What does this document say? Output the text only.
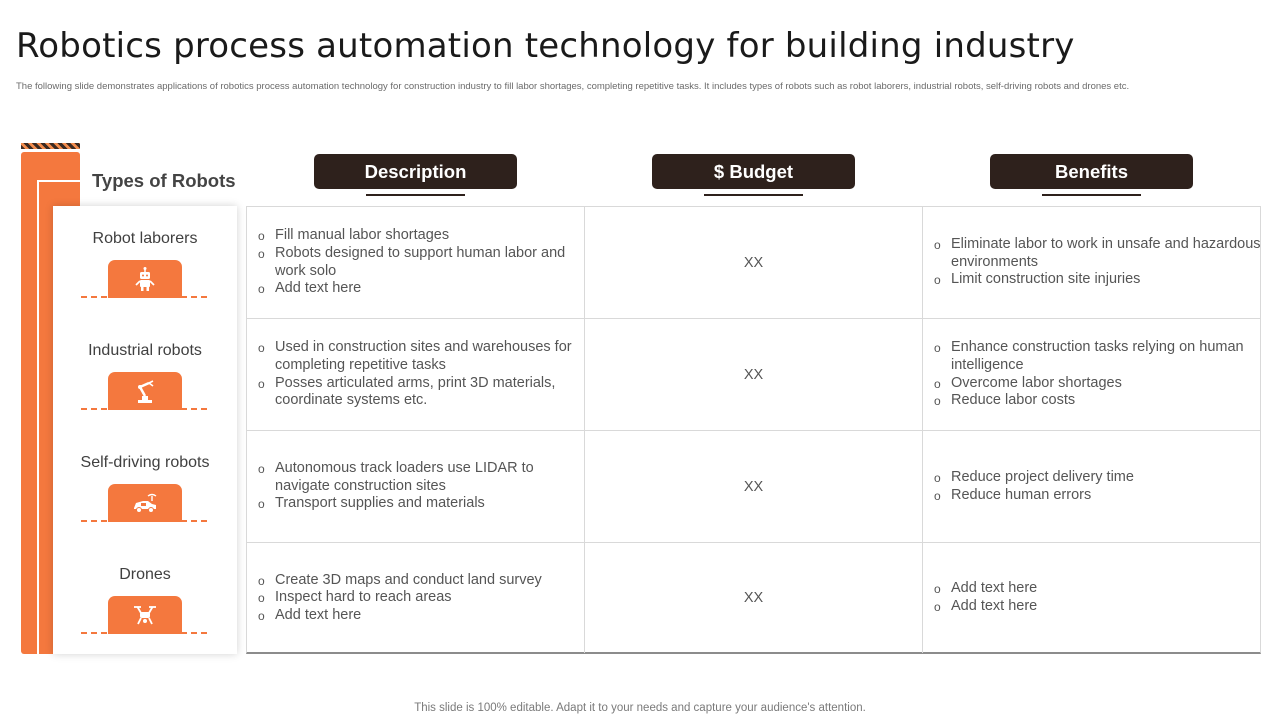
Robotics process automation technology for building industry
The following slide demonstrates applications of robotics process automation technology for construction industry to fill labor shortages, completing repetitive tasks. It includes types of robots such as robot laborers, industrial robots, self-driving robots and drones etc.
Types of Robots
Robot laborers
Industrial robots
Self-driving robots
Drones
Description	$ Budget	Benefits
o Fill manual labor shortages
o Robots designed to support human labor and work solo
o Add text here
XX
o Eliminate labor to work in unsafe and hazardous environments
o Limit construction site injuries
o Used in construction sites and warehouses for completing repetitive tasks
o Posses articulated arms, print 3D materials, coordinate systems etc.
XX
o Enhance construction tasks relying on human intelligence
o Overcome labor shortages
o Reduce labor costs
o Autonomous track loaders use LIDAR to navigate construction sites
o Transport supplies and materials
XX
o Reduce project delivery time
o Reduce human errors
o Create 3D maps and conduct land survey
o Inspect hard to reach areas
o Add text here
XX
o Add text here
o Add text here
This slide is 100% editable. Adapt it to your needs and capture your audience's attention.
